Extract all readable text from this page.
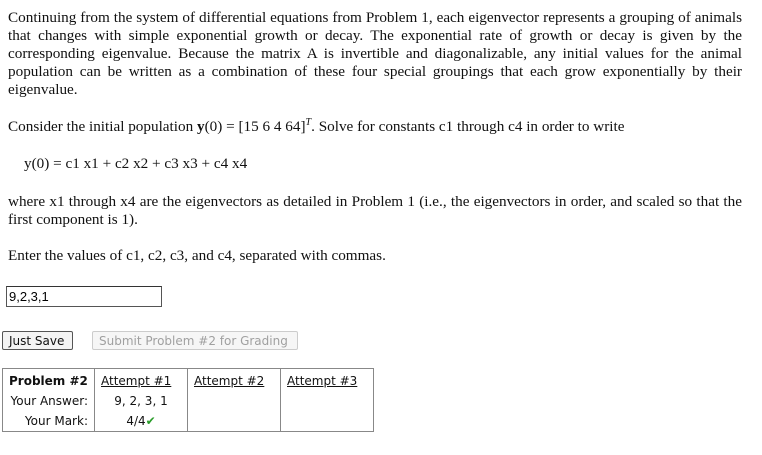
Continuing from the system of differential equations from Problem 1, each eigenvector represents a grouping of animals that changes with simple exponential growth or decay. The exponential rate of growth or decay is given by the corresponding eigenvalue. Because the matrix A is invertible and diagonalizable, any initial values for the animal population can be written as a combination of these four special groupings that each grow exponentially by their eigenvalue.

Consider the initial population y(0) = [15 6 4 64]$^T$. Solve for constants c1 through c4 in order to write

y(0) = c1 x1 + c2 x2 + c3 x3 + c4 x4

where x1 through x4 are the eigenvectors as detailed in Problem 1 (i.e., the eigenvectors in order, and scaled so that the first component is 1).

Enter the values of c1, c2, c3, and c4, separated with commas.

9,2,3,1
Just Save	Submit Problem #2 for Grading
Problem #2	Attempt #1	Attempt #2	Attempt #3
Your Answer:	9, 2, 3, 1		
Your Mark:	4/4✔		
